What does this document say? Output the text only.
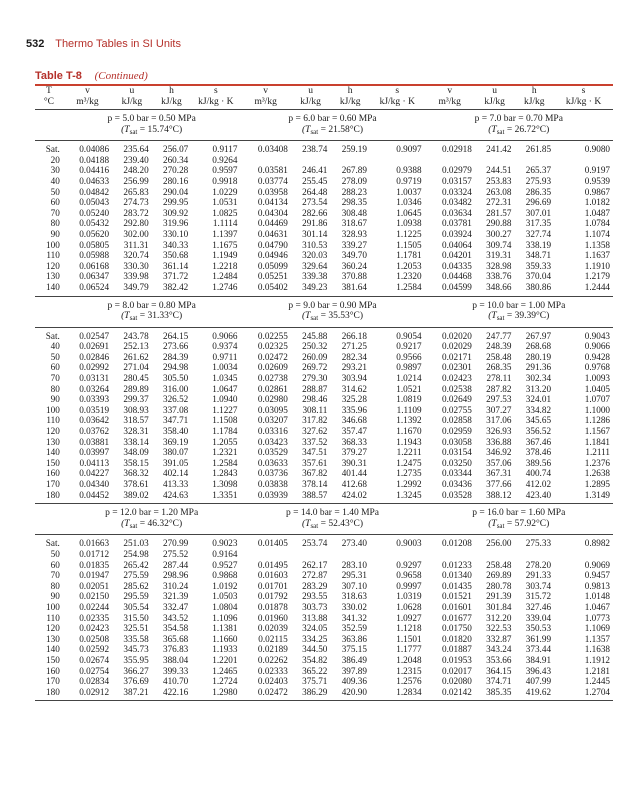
532 Thermo Tables in SI Units
Table T-8 (Continued)
T	v	u	h	s	v	u	h	s	v	u	h	s
°C	m³/kg	kJ/kg	kJ/kg	kJ/kg · K	m³/kg	kJ/kg	kJ/kg	kJ/kg · K	m³/kg	kJ/kg	kJ/kg	kJ/kg · K
	p = 5.0 bar = 0.50 MPa				p = 6.0 bar = 0.60 MPa				p = 7.0 bar = 0.70 MPa			
	$(T_{sat} = 15.74^\circ C)$				$(T_{sat} = 21.58^\circ C)$				$(T_{sat} = 26.72^\circ C)$			
Sat.	0.04086	235.64	256.07	0.9117	0.03408	238.74	259.19	0.9097	0.02918	241.42	261.85	0.9080
20	0.04188	239.40	260.34	0.9264								
30	0.04416	248.20	270.28	0.9597	0.03581	246.41	267.89	0.9388	0.02979	244.51	265.37	0.9197
40	0.04633	256.99	280.16	0.9918	0.03774	255.45	278.09	0.9719	0.03157	253.83	275.93	0.9539
50	0.04842	265.83	290.04	1.0229	0.03958	264.48	288.23	1.0037	0.03324	263.08	286.35	0.9867
60	0.05043	274.73	299.95	1.0531	0.04134	273.54	298.35	1.0346	0.03482	272.31	296.69	1.0182
70	0.05240	283.72	309.92	1.0825	0.04304	282.66	308.48	1.0645	0.03634	281.57	307.01	1.0487
80	0.05432	292.80	319.96	1.1114	0.04469	291.86	318.67	1.0938	0.03781	290.88	317.35	1.0784
90	0.05620	302.00	330.10	1.1397	0.04631	301.14	328.93	1.1225	0.03924	300.27	327.74	1.1074
100	0.05805	311.31	340.33	1.1675	0.04790	310.53	339.27	1.1505	0.04064	309.74	338.19	1.1358
110	0.05988	320.74	350.68	1.1949	0.04946	320.03	349.70	1.1781	0.04201	319.31	348.71	1.1637
120	0.06168	330.30	361.14	1.2218	0.05099	329.64	360.24	1.2053	0.04335	328.98	359.33	1.1910
130	0.06347	339.98	371.72	1.2484	0.05251	339.38	370.88	1.2320	0.04468	338.76	370.04	1.2179
140	0.06524	349.79	382.42	1.2746	0.05402	349.23	381.64	1.2584	0.04599	348.66	380.86	1.2444
	p = 8.0 bar = 0.80 MPa				p = 9.0 bar = 0.90 MPa				p = 10.0 bar = 1.00 MPa			
	$(T_{sat} = 31.33^\circ C)$				$(T_{sat} = 35.53^\circ C)$				$(T_{sat} = 39.39^\circ C)$			
Sat.	0.02547	243.78	264.15	0.9066	0.02255	245.88	266.18	0.9054	0.02020	247.77	267.97	0.9043
40	0.02691	252.13	273.66	0.9374	0.02325	250.32	271.25	0.9217	0.02029	248.39	268.68	0.9066
50	0.02846	261.62	284.39	0.9711	0.02472	260.09	282.34	0.9566	0.02171	258.48	280.19	0.9428
60	0.02992	271.04	294.98	1.0034	0.02609	269.72	293.21	0.9897	0.02301	268.35	291.36	0.9768
70	0.03131	280.45	305.50	1.0345	0.02738	279.30	303.94	1.0214	0.02423	278.11	302.34	1.0093
80	0.03264	289.89	316.00	1.0647	0.02861	288.87	314.62	1.0521	0.02538	287.82	313.20	1.0405
90	0.03393	299.37	326.52	1.0940	0.02980	298.46	325.28	1.0819	0.02649	297.53	324.01	1.0707
100	0.03519	308.93	337.08	1.1227	0.03095	308.11	335.96	1.1109	0.02755	307.27	334.82	1.1000
110	0.03642	318.57	347.71	1.1508	0.03207	317.82	346.68	1.1392	0.02858	317.06	345.65	1.1286
120	0.03762	328.31	358.40	1.1784	0.03316	327.62	357.47	1.1670	0.02959	326.93	356.52	1.1567
130	0.03881	338.14	369.19	1.2055	0.03423	337.52	368.33	1.1943	0.03058	336.88	367.46	1.1841
140	0.03997	348.09	380.07	1.2321	0.03529	347.51	379.27	1.2211	0.03154	346.92	378.46	1.2111
150	0.04113	358.15	391.05	1.2584	0.03633	357.61	390.31	1.2475	0.03250	357.06	389.56	1.2376
160	0.04227	368.32	402.14	1.2843	0.03736	367.82	401.44	1.2735	0.03344	367.31	400.74	1.2638
170	0.04340	378.61	413.33	1.3098	0.03838	378.14	412.68	1.2992	0.03436	377.66	412.02	1.2895
180	0.04452	389.02	424.63	1.3351	0.03939	388.57	424.02	1.3245	0.03528	388.12	423.40	1.3149
	p = 12.0 bar = 1.20 MPa				p = 14.0 bar = 1.40 MPa				p = 16.0 bar = 1.60 MPa			
	$(T_{sat} = 46.32^\circ C)$				$(T_{sat} = 52.43^\circ C)$				$(T_{sat} = 57.92^\circ C)$			
Sat.	0.01663	251.03	270.99	0.9023	0.01405	253.74	273.40	0.9003	0.01208	256.00	275.33	0.8982
50	0.01712	254.98	275.52	0.9164								
60	0.01835	265.42	287.44	0.9527	0.01495	262.17	283.10	0.9297	0.01233	258.48	278.20	0.9069
70	0.01947	275.59	298.96	0.9868	0.01603	272.87	295.31	0.9658	0.01340	269.89	291.33	0.9457
80	0.02051	285.62	310.24	1.0192	0.01701	283.29	307.10	0.9997	0.01435	280.78	303.74	0.9813
90	0.02150	295.59	321.39	1.0503	0.01792	293.55	318.63	1.0319	0.01521	291.39	315.72	1.0148
100	0.02244	305.54	332.47	1.0804	0.01878	303.73	330.02	1.0628	0.01601	301.84	327.46	1.0467
110	0.02335	315.50	343.52	1.1096	0.01960	313.88	341.32	1.0927	0.01677	312.20	339.04	1.0773
120	0.02423	325.51	354.58	1.1381	0.02039	324.05	352.59	1.1218	0.01750	322.53	350.53	1.1069
130	0.02508	335.58	365.68	1.1660	0.02115	334.25	363.86	1.1501	0.01820	332.87	361.99	1.1357
140	0.02592	345.73	376.83	1.1933	0.02189	344.50	375.15	1.1777	0.01887	343.24	373.44	1.1638
150	0.02674	355.95	388.04	1.2201	0.02262	354.82	386.49	1.2048	0.01953	353.66	384.91	1.1912
160	0.02754	366.27	399.33	1.2465	0.02333	365.22	397.89	1.2315	0.02017	364.15	396.43	1.2181
170	0.02834	376.69	410.70	1.2724	0.02403	375.71	409.36	1.2576	0.02080	374.71	407.99	1.2445
180	0.02912	387.21	422.16	1.2980	0.02472	386.29	420.90	1.2834	0.02142	385.35	419.62	1.2704
